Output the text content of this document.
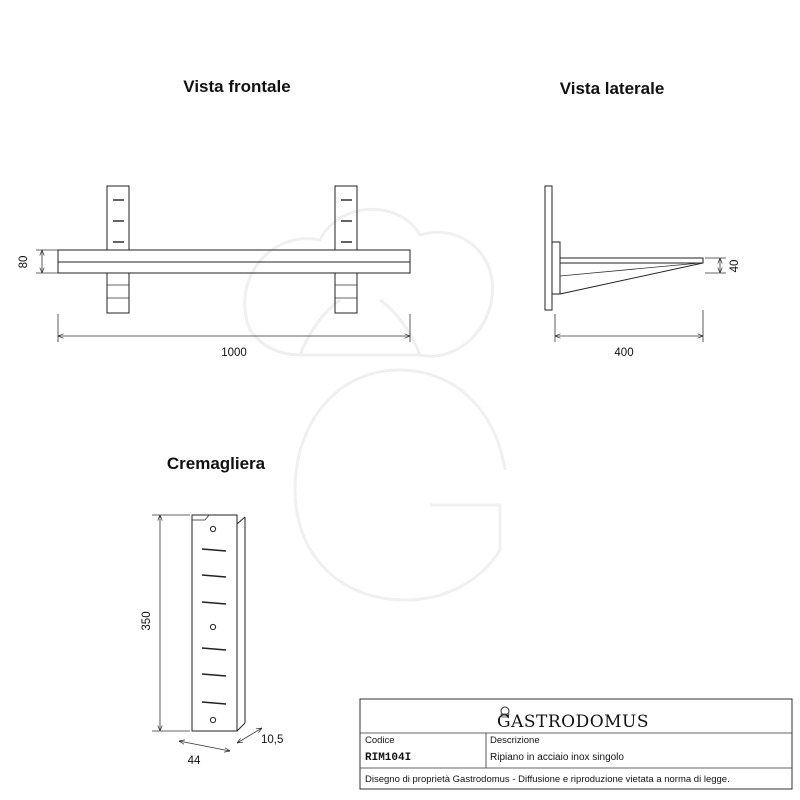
Vista frontale
1000
80
Vista laterale
400
40
Cremagliera
350
44
10,5
GASTRODOMUS
Codice
RIM104I
Descrizione
Ripiano in acciaio inox singolo
Disegno di proprietà Gastrodomus - Diffusione e riproduzione vietata a norma di legge.
